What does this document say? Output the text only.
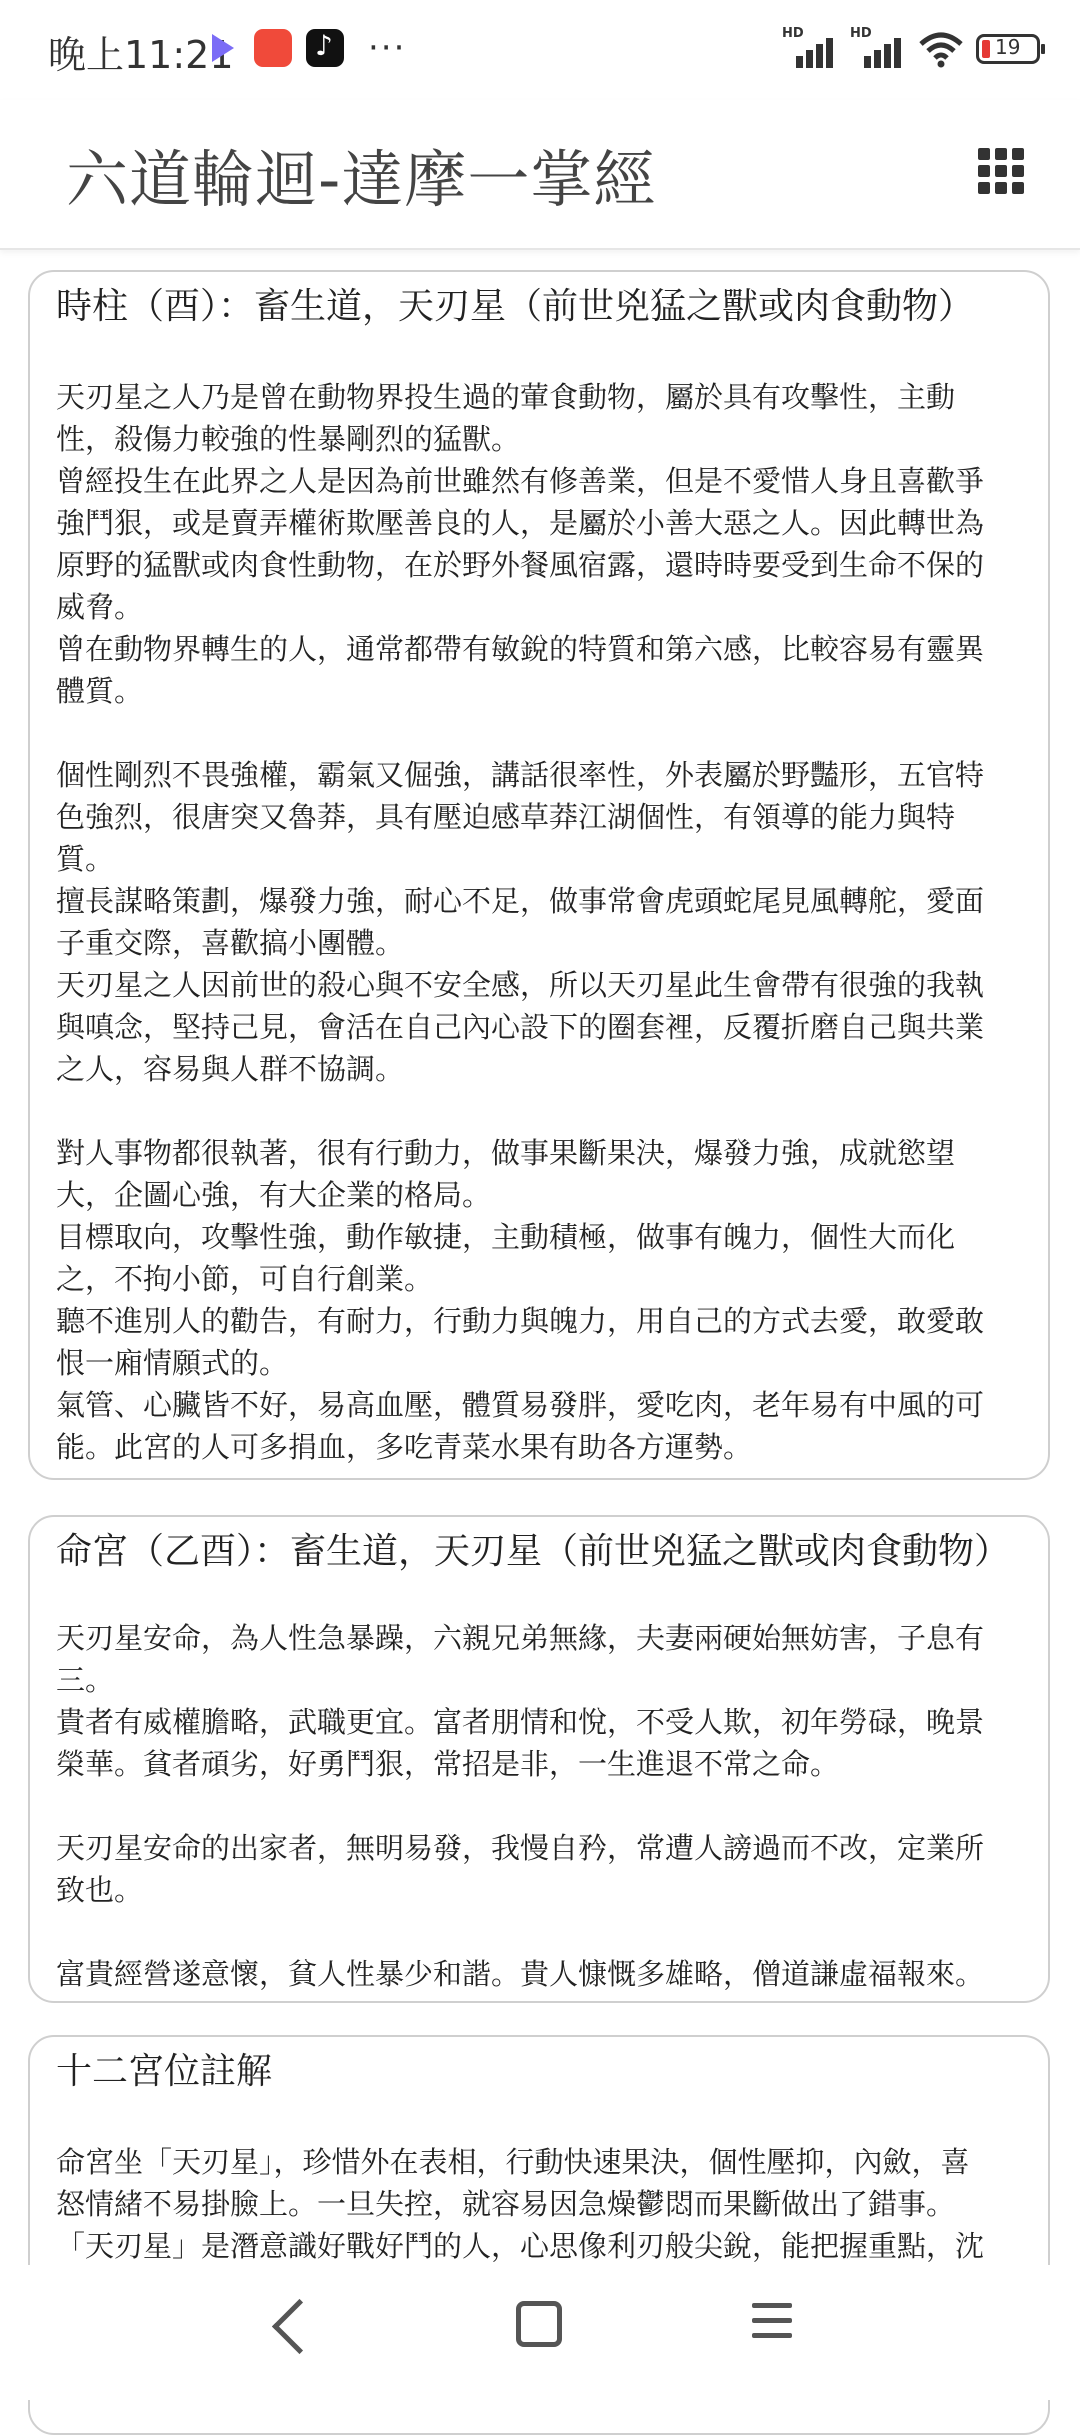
晚上11:21
♪	···	HD	HD
19
六道輪迴-達摩一掌經
時柱（酉）：畜生道，天刃星（前世兇猛之獸或肉食動物）
天刃星之人乃是曾在動物界投生過的葷食動物，屬於具有攻擊性，主動
性，殺傷力較強的性暴剛烈的猛獸。
曾經投生在此界之人是因為前世雖然有修善業，但是不愛惜人身且喜歡爭
強鬥狠，或是賣弄權術欺壓善良的人，是屬於小善大惡之人。因此轉世為
原野的猛獸或肉食性動物，在於野外餐風宿露，還時時要受到生命不保的
威脅。
曾在動物界轉生的人，通常都帶有敏銳的特質和第六感，比較容易有靈異
體質。
個性剛烈不畏強權，霸氣又倔強，講話很率性，外表屬於野豔形，五官特
色強烈，很唐突又魯莽，具有壓迫感草莽江湖個性，有領導的能力與特
質。
擅長謀略策劃，爆發力強，耐心不足，做事常會虎頭蛇尾見風轉舵，愛面
子重交際，喜歡搞小團體。
天刃星之人因前世的殺心與不安全感，所以天刃星此生會帶有很強的我執
與嗔念，堅持己見，會活在自己內心設下的圈套裡，反覆折磨自己與共業
之人，容易與人群不協調。
對人事物都很執著，很有行動力，做事果斷果決，爆發力強，成就慾望
大，企圖心強，有大企業的格局。
目標取向，攻擊性強，動作敏捷，主動積極，做事有魄力，個性大而化
之，不拘小節，可自行創業。
聽不進別人的勸告，有耐力，行動力與魄力，用自己的方式去愛，敢愛敢
恨一廂情願式的。
氣管、心臟皆不好，易高血壓，體質易發胖，愛吃肉，老年易有中風的可
能。此宮的人可多捐血，多吃青菜水果有助各方運勢。
命宮（乙酉）：畜生道，天刃星（前世兇猛之獸或肉食動物）
天刃星安命，為人性急暴躁，六親兄弟無緣，夫妻兩硬始無妨害，子息有
三。
貴者有威權膽略，武職更宜。富者朋情和悅，不受人欺，初年勞碌，晚景
榮華。貧者頑劣，好勇鬥狠，常招是非，一生進退不常之命。
天刃星安命的出家者，無明易發，我慢自矜，常遭人謗過而不改，定業所
致也。
富貴經營遂意懷，貧人性暴少和諧。貴人慷慨多雄略，僧道謙虛福報來。
十二宮位註解
命宮坐「天刃星」，珍惜外在表相，行動快速果決，個性壓抑，內斂，喜
怒情緒不易掛臉上。一旦失控，就容易因急燥鬱悶而果斷做出了錯事。
「天刃星」是潛意識好戰好鬥的人，心思像利刃般尖銳，能把握重點，沈
